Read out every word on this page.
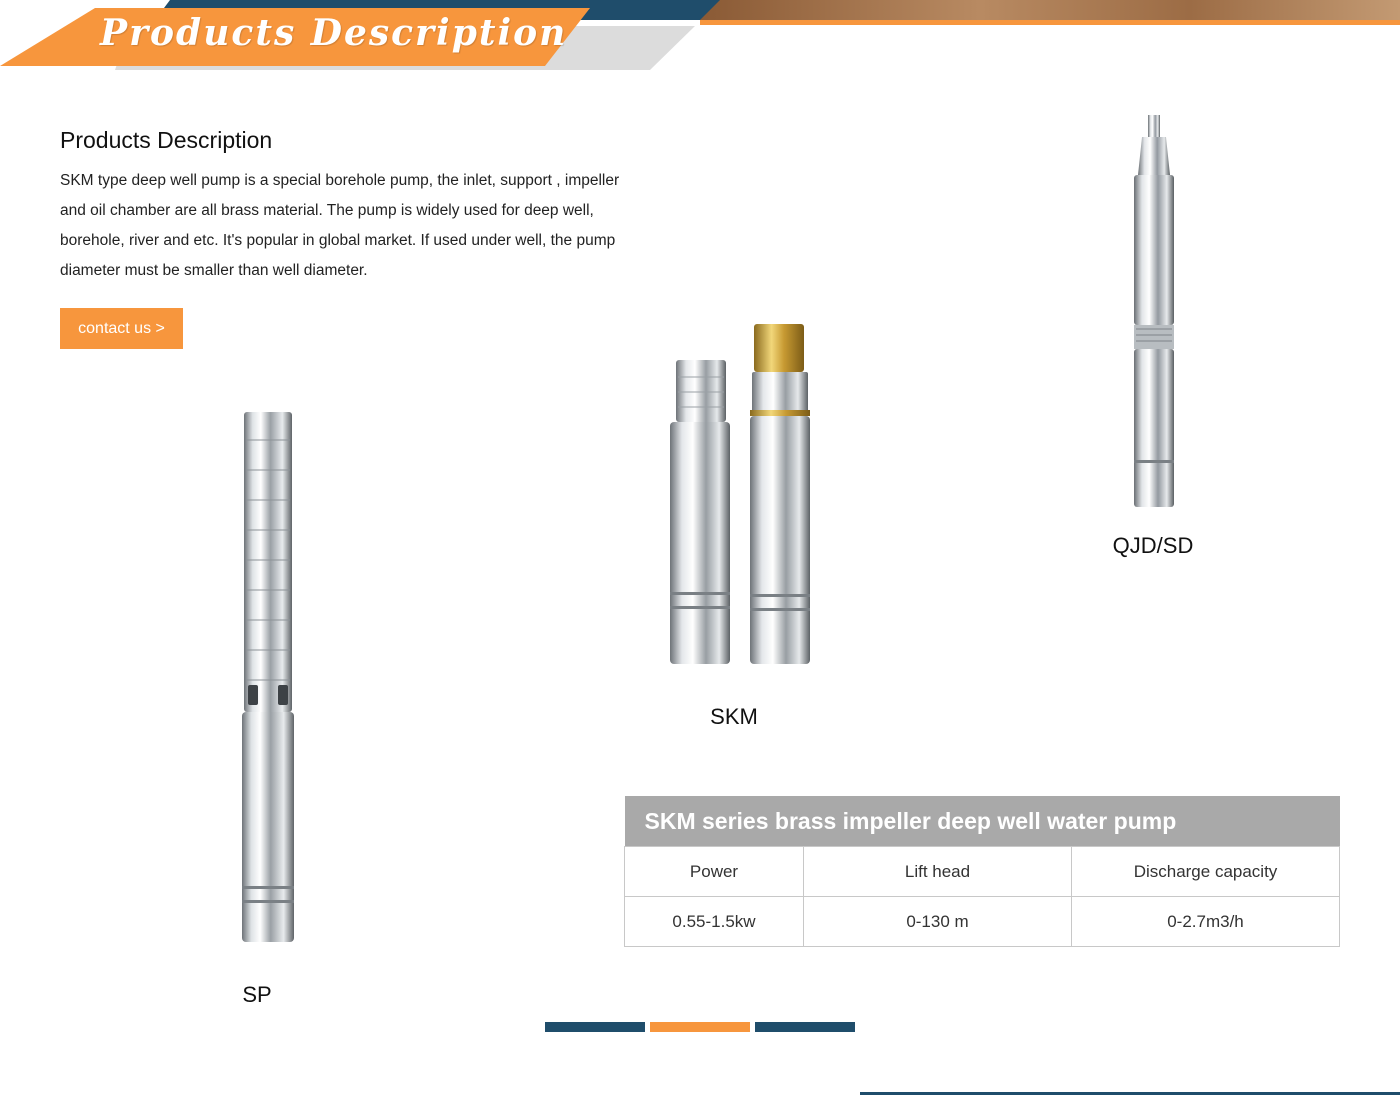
Products Description
Products Description

SKM type deep well pump is a special borehole pump, the inlet, support , impeller and oil chamber are all brass material. The pump is widely used for deep well, borehole, river and etc. It's popular in global market. If used under well, the pump diameter must be smaller than well diameter.

contact us >
SP
SKM
QJD/SD
SKM series brass impeller deep well water pump		
Power	Lift head	Discharge capacity
0.55-1.5kw	0-130 m	0-2.7m3/h
